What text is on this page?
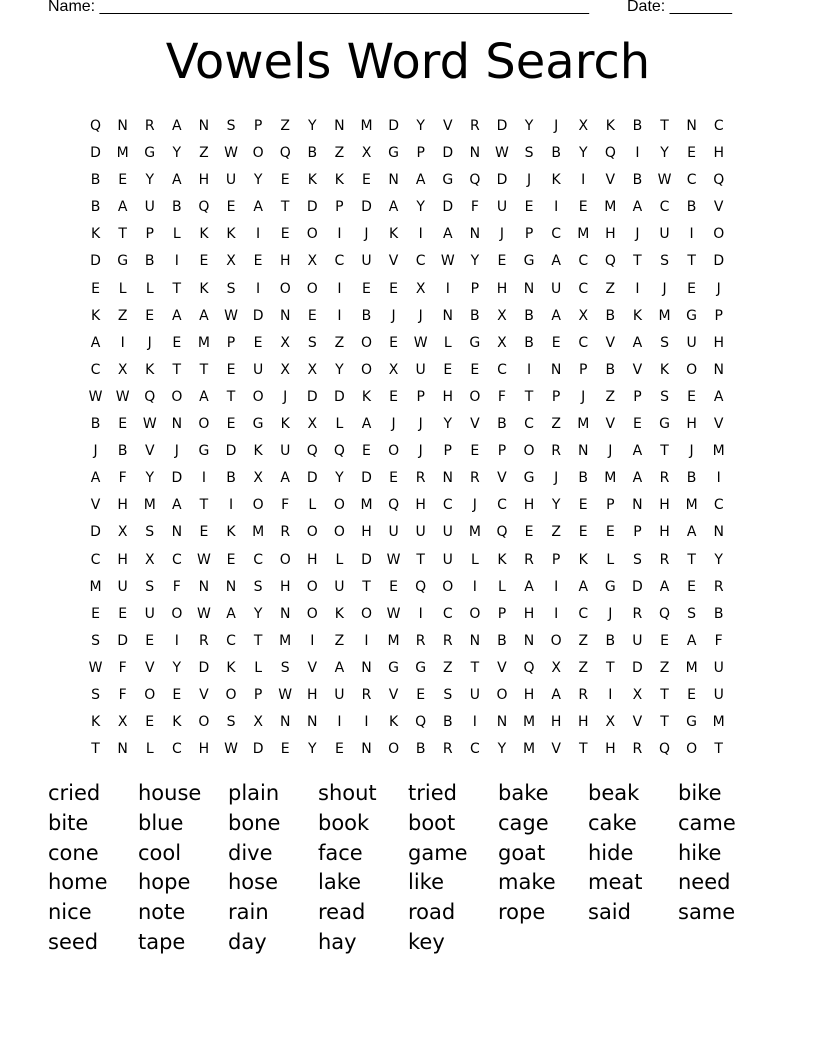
Name: _______________________________________________________ Date: _______
Vowels Word Search
Q	N	R	A	N	S	P	Z	Y	N	M	D	Y	V	R	D	Y	J	X	K	B	T	N	C
D	M	G	Y	Z	W	O	Q	B	Z	X	G	P	D	N	W	S	B	Y	Q	I	Y	E	H
B	E	Y	A	H	U	Y	E	K	K	E	N	A	G	Q	D	J	K	I	V	B	W	C	Q
B	A	U	B	Q	E	A	T	D	P	D	A	Y	D	F	U	E	I	E	M	A	C	B	V
K	T	P	L	K	K	I	E	O	I	J	K	I	A	N	J	P	C	M	H	J	U	I	O
D	G	B	I	E	X	E	H	X	C	U	V	C	W	Y	E	G	A	C	Q	T	S	T	D
E	L	L	T	K	S	I	O	O	I	E	E	X	I	P	H	N	U	C	Z	I	J	E	J
K	Z	E	A	A	W	D	N	E	I	B	J	J	N	B	X	B	A	X	B	K	M	G	P
A	I	J	E	M	P	E	X	S	Z	O	E	W	L	G	X	B	E	C	V	A	S	U	H
C	X	K	T	T	E	U	X	X	Y	O	X	U	E	E	C	I	N	P	B	V	K	O	N
W W	Q	O	A	T	O	J	D	D	K	E	P	H	O	F	T	P	J	Z	P	S	E	A
B	E	W	N	O	E	G	K	X	L	A	J	J	Y	V	B	C	Z	M	V	E	G	H	V
J	B	V	J	G	D	K	U	Q	Q	E	O	J	P	E	P	O	R	N	J	A	T	J	M
A	F	Y	D	I	B	X	A	D	Y	D	E	R	N	R	V	G	J	B	M	A	R	B	I
V	H	M	A	T	I	O	F	L	O	M	Q	H	C	J	C	H	Y	E	P	N	H	M	C
D	X	S	N	E	K	M	R	O	O	H	U	U	U	M	Q	E	Z	E	E	P	H	A	N
C	H	X	C	W	E	C	O	H	L	D	W	T	U	L	K	R	P	K	L	S	R	T	Y
M	U	S	F	N	N	S	H	O	U	T	E	Q	O	I	L	A	I	A	G	D	A	E	R
E	E	U	O	W	A	Y	N	O	K	O	W	I	C	O	P	H	I	C	J	R	Q	S	B
S	D	E	I	R	C	T	M	I	Z	I	M	R	R	N	B	N	O	Z	B	U	E	A	F
W	F	V	Y	D	K	L	S	V	A	N	G	G	Z	T	V	Q	X	Z	T	D	Z	M	U
S	F	O	E	V	O	P	W	H	U	R	V	E	S	U	O	H	A	R	I	X	T	E	U
K	X	E	K	O	S	X	N	N	I	I	K	Q	B	I	N	M	H	H	X	V	T	G	M
T	N	L	C	H	W	D	E	Y	E	N	O	B	R	C	Y	M	V	T	H	R	Q	O	T
cried	house	plain	shout	tried	bake	beak	bike
bite	blue	bone	book	boot	cage	cake	came
cone	cool	dive	face	game	goat	hide	hike
home	hope	hose	lake	like	make	meat	need
nice	note	rain	read	road	rope	said	same
seed	tape	day	hay	key
